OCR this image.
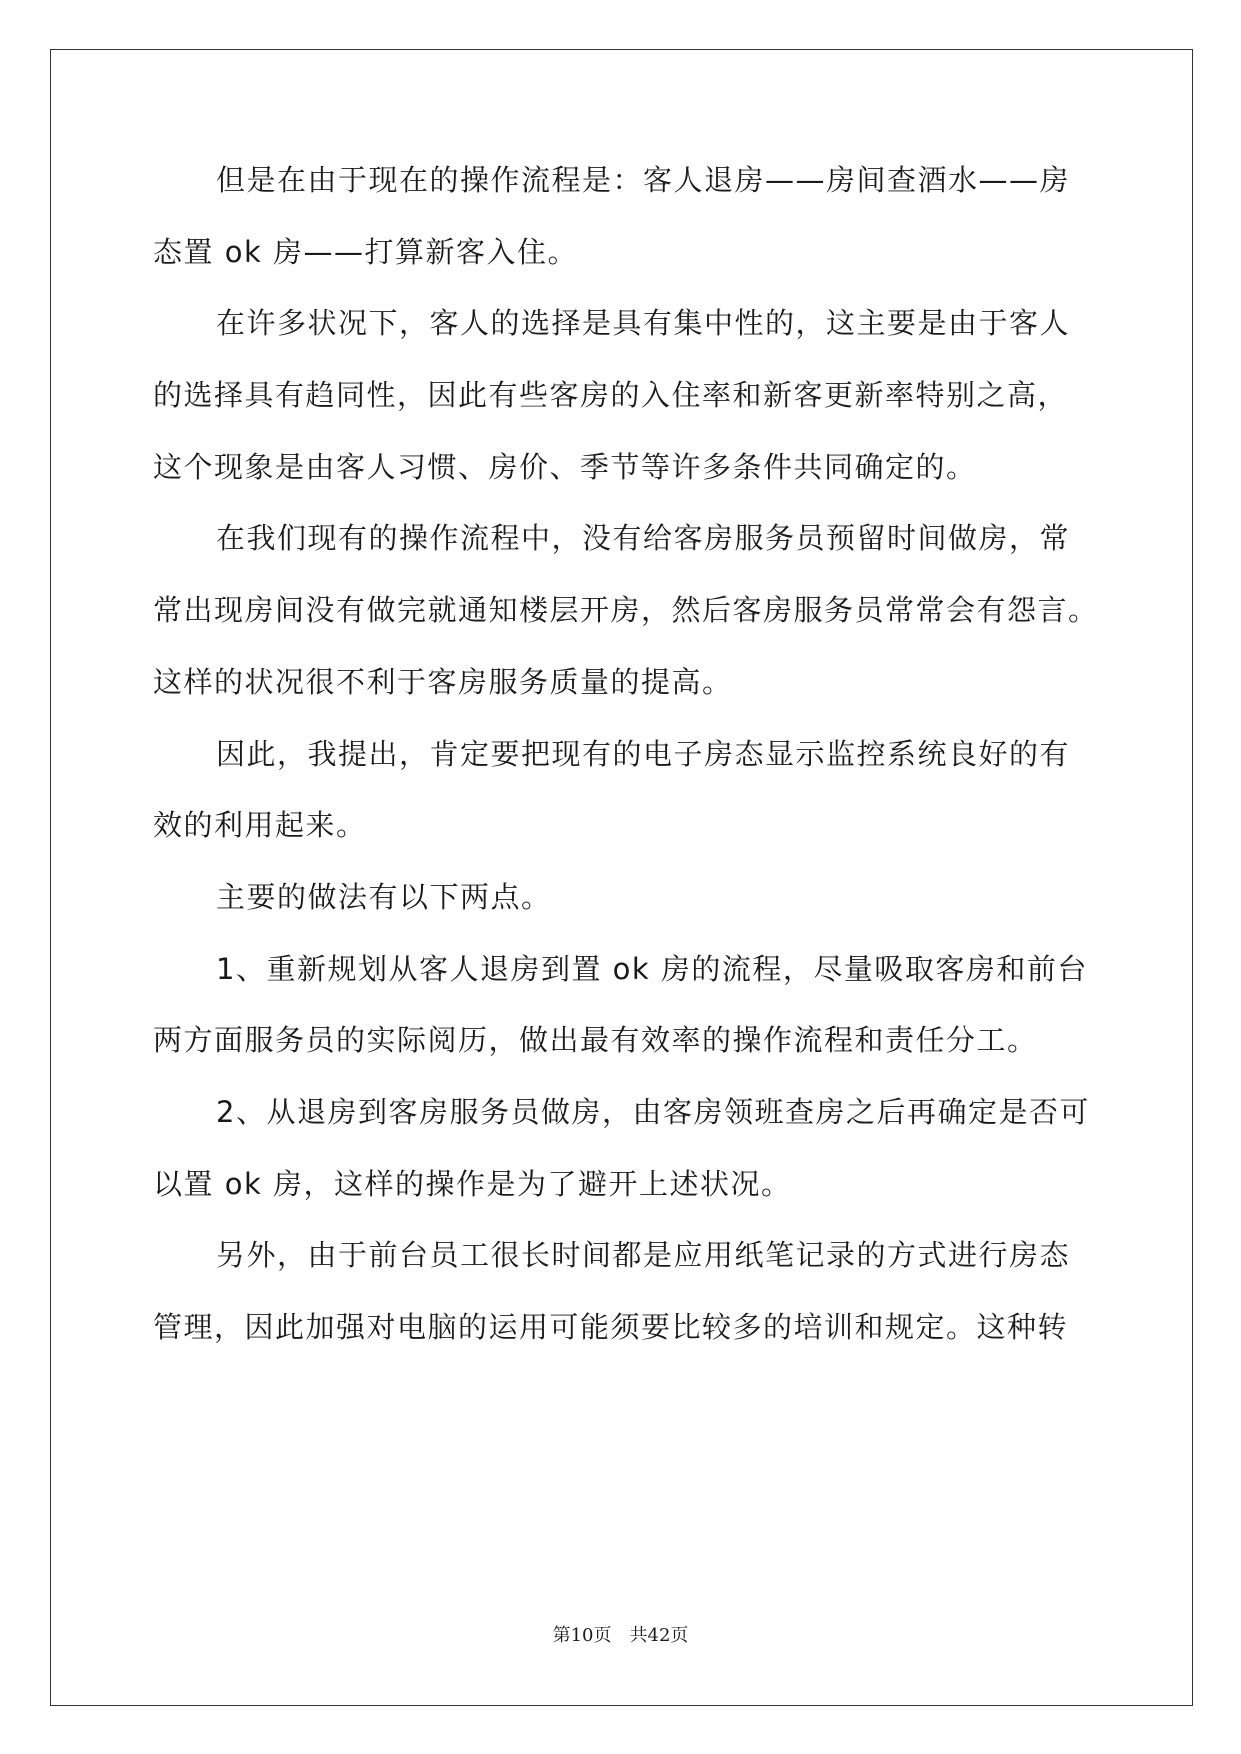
但是在由于现在的操作流程是：客人退房——房间查酒水——房
态置 ok 房——打算新客入住。
在许多状况下，客人的选择是具有集中性的，这主要是由于客人
的选择具有趋同性，因此有些客房的入住率和新客更新率特别之高，
这个现象是由客人习惯、房价、季节等许多条件共同确定的。
在我们现有的操作流程中，没有给客房服务员预留时间做房，常
常出现房间没有做完就通知楼层开房，然后客房服务员常常会有怨言。
这样的状况很不利于客房服务质量的提高。
因此，我提出，肯定要把现有的电子房态显示监控系统良好的有
效的利用起来。
主要的做法有以下两点。
1、重新规划从客人退房到置 ok 房的流程，尽量吸取客房和前台
两方面服务员的实际阅历，做出最有效率的操作流程和责任分工。
2、从退房到客房服务员做房，由客房领班查房之后再确定是否可
以置 ok 房，这样的操作是为了避开上述状况。
另外，由于前台员工很长时间都是应用纸笔记录的方式进行房态
管理，因此加强对电脑的运用可能须要比较多的培训和规定。这种转
第10页 共42页
